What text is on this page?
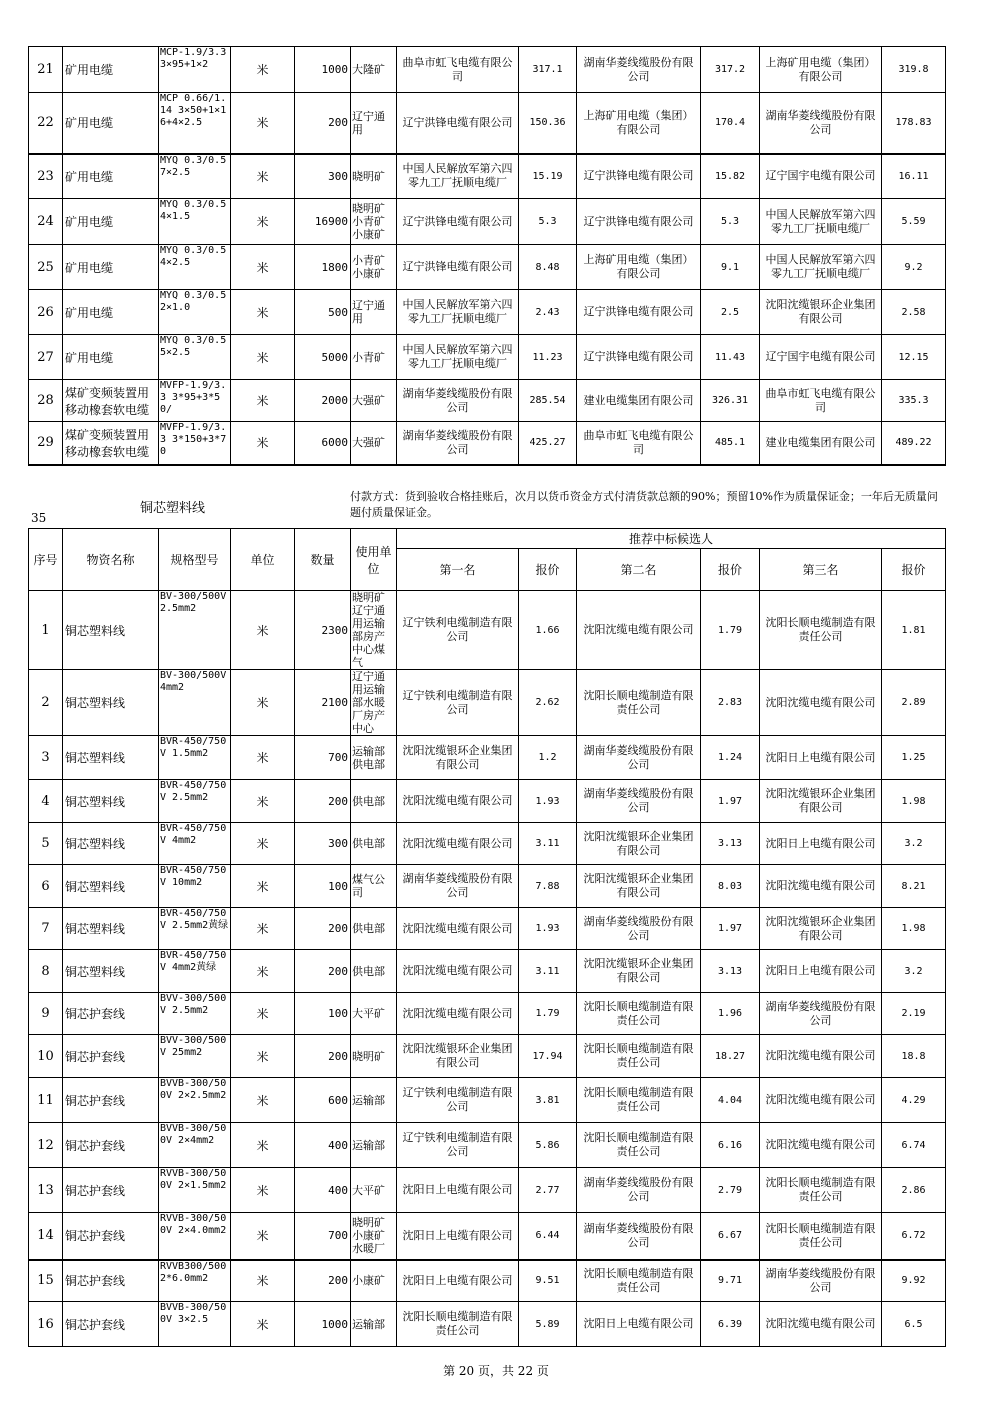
21	矿用电缆	MCP-1.9/3.3 3×95+1×2	米	1000	大隆矿	曲阜市虹飞电缆有限公司	317.1	湖南华菱线缆股份有限公司	317.2	上海矿用电缆（集团）有限公司	319.8
22	矿用电缆	MCP 0.66/1.14 3×50+1×1 6+4×2.5	米	200	辽宁通用	辽宁洪锋电缆有限公司	150.36	上海矿用电缆（集团）有限公司	170.4	湖南华菱线缆股份有限公司	178.83
23	矿用电缆	MYQ 0.3/0.5 7×2.5	米	300	晓明矿	中国人民解放军第六四零九工厂抚顺电缆厂	15.19	辽宁洪锋电缆有限公司	15.82	辽宁国宇电缆有限公司	16.11
24	矿用电缆	MYQ 0.3/0.5 4×1.5	米	16900	晓明矿小青矿小康矿	辽宁洪锋电缆有限公司	5.3	辽宁洪锋电缆有限公司	5.3	中国人民解放军第六四零九工厂抚顺电缆厂	5.59
25	矿用电缆	MYQ 0.3/0.5 4×2.5	米	1800	小青矿小康矿	辽宁洪锋电缆有限公司	8.48	上海矿用电缆（集团）有限公司	9.1	中国人民解放军第六四零九工厂抚顺电缆厂	9.2
26	矿用电缆	MYQ 0.3/0.5 2×1.0	米	500	辽宁通用	中国人民解放军第六四零九工厂抚顺电缆厂	2.43	辽宁洪锋电缆有限公司	2.5	沈阳沈缆银环企业集团有限公司	2.58
27	矿用电缆	MYQ 0.3/0.5 5×2.5	米	5000	小青矿	中国人民解放军第六四零九工厂抚顺电缆厂	11.23	辽宁洪锋电缆有限公司	11.43	辽宁国宇电缆有限公司	12.15
28	煤矿变频装置用移动橡套软电缆	MVFP-1.9/3.3 3*95+3*50/	米	2000	大强矿	湖南华菱线缆股份有限公司	285.54	建业电缆集团有限公司	326.31	曲阜市虹飞电缆有限公司	335.3
29	煤矿变频装置用移动橡套软电缆	MVFP-1.9/3.3 3*150+3*70	米	6000	大强矿	湖南华菱线缆股份有限公司	425.27	曲阜市虹飞电缆有限公司	485.1	建业电缆集团有限公司	489.22
铜芯塑料线
35
付款方式：货到验收合格挂账后，次月以货币资金方式付清货款总额的90%；预留10%作为质量保证金；一年后无质量问题付质量保证金。
序号	物资名称	规格型号	单位	数量	使用单位	推荐中标候选人					
						第一名	报价	第二名	报价	第三名	报价
1	铜芯塑料线	BV-300/500V 2.5mm2	米	2300	晓明矿辽宁通用运输部房产中心煤气	辽宁铁利电缆制造有限公司	1.66	沈阳沈缆电缆有限公司	1.79	沈阳长顺电缆制造有限责任公司	1.81
2	铜芯塑料线	BV-300/500V 4mm2	米	2100	辽宁通用运输部水暖厂房产中心	辽宁铁利电缆制造有限公司	2.62	沈阳长顺电缆制造有限责任公司	2.83	沈阳沈缆电缆有限公司	2.89
3	铜芯塑料线	BVR-450/750V 1.5mm2	米	700	运输部供电部	沈阳沈缆银环企业集团有限公司	1.2	湖南华菱线缆股份有限公司	1.24	沈阳日上电缆有限公司	1.25
4	铜芯塑料线	BVR-450/750V 2.5mm2	米	200	供电部	沈阳沈缆电缆有限公司	1.93	湖南华菱线缆股份有限公司	1.97	沈阳沈缆银环企业集团有限公司	1.98
5	铜芯塑料线	BVR-450/750V 4mm2	米	300	供电部	沈阳沈缆电缆有限公司	3.11	沈阳沈缆银环企业集团有限公司	3.13	沈阳日上电缆有限公司	3.2
6	铜芯塑料线	BVR-450/750V 10mm2	米	100	煤气公司	湖南华菱线缆股份有限公司	7.88	沈阳沈缆银环企业集团有限公司	8.03	沈阳沈缆电缆有限公司	8.21
7	铜芯塑料线	BVR-450/750V 2.5mm2黄绿	米	200	供电部	沈阳沈缆电缆有限公司	1.93	湖南华菱线缆股份有限公司	1.97	沈阳沈缆银环企业集团有限公司	1.98
8	铜芯塑料线	BVR-450/750V 4mm2黄绿	米	200	供电部	沈阳沈缆电缆有限公司	3.11	沈阳沈缆银环企业集团有限公司	3.13	沈阳日上电缆有限公司	3.2
9	铜芯护套线	BVV-300/500V 2.5mm2	米	100	大平矿	沈阳沈缆电缆有限公司	1.79	沈阳长顺电缆制造有限责任公司	1.96	湖南华菱线缆股份有限公司	2.19
10	铜芯护套线	BVV-300/500V 25mm2	米	200	晓明矿	沈阳沈缆银环企业集团有限公司	17.94	沈阳长顺电缆制造有限责任公司	18.27	沈阳沈缆电缆有限公司	18.8
11	铜芯护套线	BVVB-300/500V 2×2.5mm2	米	600	运输部	辽宁铁利电缆制造有限公司	3.81	沈阳长顺电缆制造有限责任公司	4.04	沈阳沈缆电缆有限公司	4.29
12	铜芯护套线	BVVB-300/500V 2×4mm2	米	400	运输部	辽宁铁利电缆制造有限公司	5.86	沈阳长顺电缆制造有限责任公司	6.16	沈阳沈缆电缆有限公司	6.74
13	铜芯护套线	RVVB-300/500V 2×1.5mm2	米	400	大平矿	沈阳日上电缆有限公司	2.77	湖南华菱线缆股份有限公司	2.79	沈阳长顺电缆制造有限责任公司	2.86
14	铜芯护套线	RVVB-300/500V 2×4.0mm2	米	700	晓明矿小康矿水暖厂	沈阳日上电缆有限公司	6.44	湖南华菱线缆股份有限公司	6.67	沈阳长顺电缆制造有限责任公司	6.72
15	铜芯护套线	RVVB300/500 2*6.0mm2	米	200	小康矿	沈阳日上电缆有限公司	9.51	沈阳长顺电缆制造有限责任公司	9.71	湖南华菱线缆股份有限公司	9.92
16	铜芯护套线	BVVB-300/500V 3×2.5	米	1000	运输部	沈阳长顺电缆制造有限责任公司	5.89	沈阳日上电缆有限公司	6.39	沈阳沈缆电缆有限公司	6.5
第 20 页，共 22 页
